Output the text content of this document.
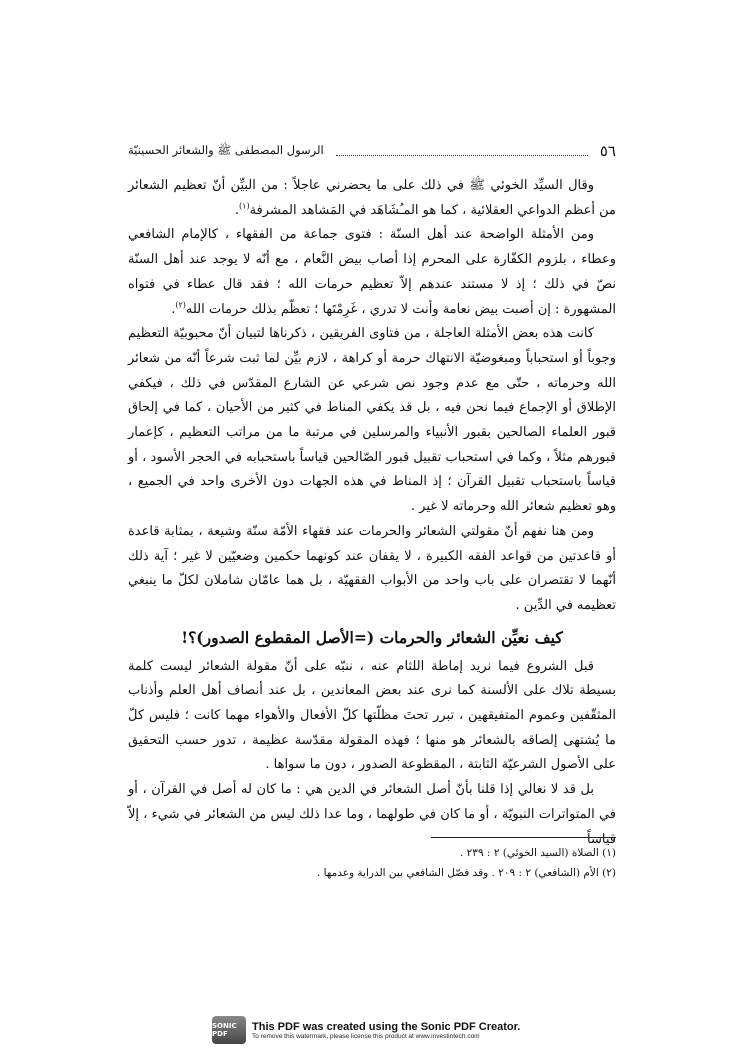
٥٦
الرسول المصطفى ﷺ والشعائر الحسينيّة

وقال السيِّد الخوئي ﷺ في ذلك على ما يحضرني عاجلاً : من البيِّن أنّ تعظيم الشعائر من أعظم الدواعي العقلائية ، كما هو المـُشَاهَد في المَشاهد المشرفة$^{(١)}$.

ومن الأمثلة الواضحة عند أهل السنّة : فتوى جماعة من الفقهاء ، كالإمام الشافعي وعطاء ، بلزوم الكفّارة على المحرم إذا أصاب بيض النَّعام ، مع أنّه لا يوجد عند أهل السنّة نصّ في ذلك ؛ إذ لا مستند عندهم إلاّ تعظيم حرمات الله ؛ فقد قال عطاء في فتواه المشهورة : إن أصبت بيض نعامة وأنت لا تدري ، غَرِمْتَها ؛ تعظّم بذلك حرمات الله$^{(٢)}$.

كانت هذه بعض الأمثلة العاجلة ، من فتاوى الفريقين ، ذكرناها لتبيان أنّ محبوبيّة التعظيم وجوباً أو استحباباً ومبغوضيّة الانتهاك حرمة أو كراهة ، لازم بيِّن لما ثبت شرعاً أنّه من شعائر الله وحرماته ، حتّى مع عدم وجود نص شرعي عن الشارع المقدّس في ذلك ، فيكفي الإطلاق أو الإجماع فيما نحن فيه ، بل قد يكفي المناط في كثير من الأحيان ، كما في إلحاق قبور العلماء الصالحين بقبور الأنبياء والمرسلين في مرتبة ما من مراتب التعظيم ، كإعمار قبورهم مثلاً ، وكما في استحباب تقبيل قبور الصّالحين قياساً باستحبابه في الحجر الأسود ، أو قياساً باستحباب تقبيل القرآن ؛ إذ المناط في هذه الجهات دون الأخرى واحد في الجميع ، وهو تعظيم شعائر الله وحرماته لا غير .

ومن هنا نفهم أنّ مقولتي الشعائر والحرمات عند فقهاء الأمّة سنّة وشيعة ، بمثابة قاعدة أو قاعدتين من قواعد الفقه الكبيرة ، لا يقفان عند كونهما حكمين وضعيّين لا غير ؛ آية ذلك أنّهما لا تقتصران على باب واحد من الأبواب الفقهيّة ، بل هما عامّان شاملان لكلّ ما ينبغي تعظيمه في الدِّين .

كيف نعيِّن الشعائر والحرمات (=الأصل المقطوع الصدور)؟!

قبل الشروع فيما نريد إماطة اللثام عنه ، ننبّه على أنّ مقولة الشعائر ليست كلمة بسيطة تلاك على الألسنة كما نرى عند بعض المعاندين ، بل عند أنصاف أهل العلم وأذناب المثقّفين وعموم المتفيقهين ، تبرر تحتَ مظلّتها كلّ الأفعال والأهواء مهما كانت ؛ فليس كلّ ما يُشتهى إلصاقه بالشعائر هو منها ؛ فهذه المقولة مقدّسة عظيمة ، تدور حسب التحقيق على الأصول الشرعيّة الثابتة ، المقطوعة الصدور ، دون ما سواها .

بل قد لا نغالي إذا قلنا بأنّ أصل الشعائر في الدين هي : ما كان له أصل في القرآن ، أو في المتواترات النبويّة ، أو ما كان في طولهما ، وما عدا ذلك ليس من الشعائر في شيء ، إلاّ قياساً

(١) الصلاة (السيد الخوئي) ٢ : ٢٣٩ .

(٢) الأم (الشافعي) ٢ : ٢٠٩ . وقد فصّل الشافعي بين الدراية وعدمها .

SONIC PDF
This PDF was created using the Sonic PDF Creator.
To remove this watermark, please license this product at www.investintech.com
